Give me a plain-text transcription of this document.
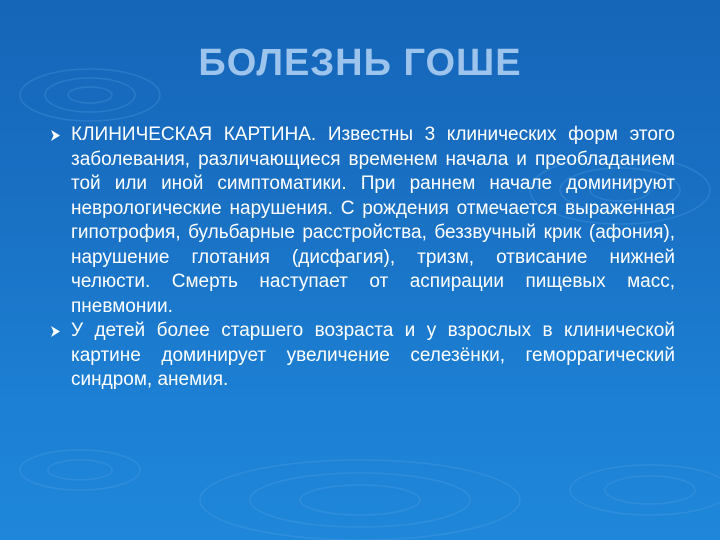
БОЛЕЗНЬ ГОШЕ
КЛИНИЧЕСКАЯ КАРТИНА. Известны 3 клинических форм этого заболевания, различающиеся временем начала и преобладанием той или иной симптоматики. При раннем начале доминируют неврологические нарушения. С рождения отмечается выраженная гипотрофия, бульбарные расстройства, беззвучный крик (афония), нарушение глотания (дисфагия), тризм, отвисание нижней челюсти. Смерть наступает от аспирации пищевых масс, пневмонии.
У детей более старшего возраста и у взрослых в клинической картине доминирует увеличение селезёнки, геморрагический синдром, анемия.
